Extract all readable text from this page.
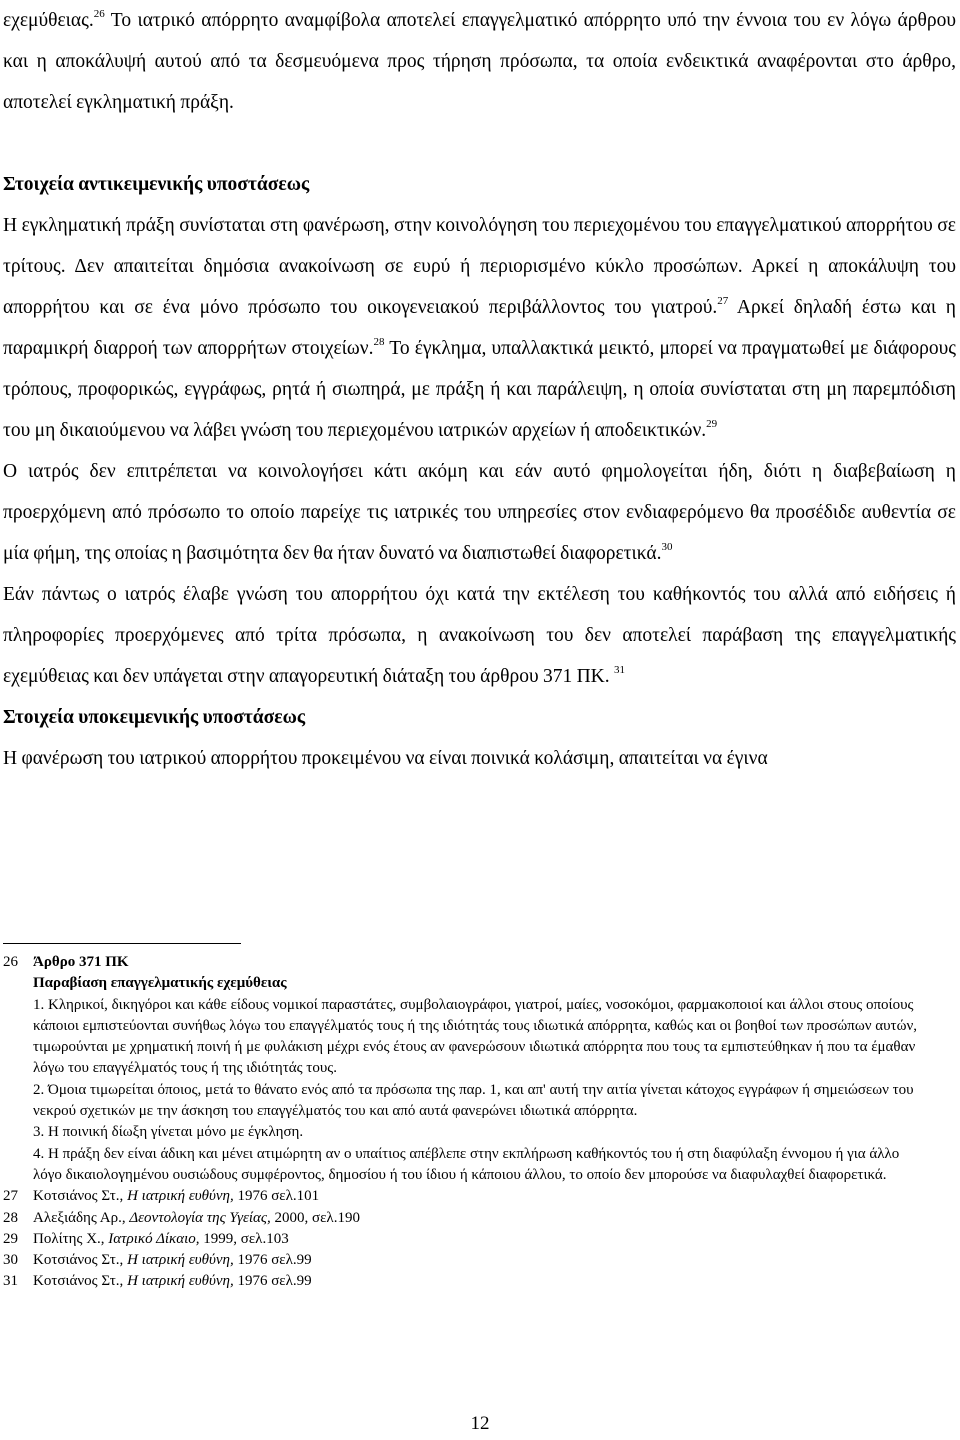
εχεμύθειας.$^{26}$ Το ιατρικό απόρρητο αναμφίβολα αποτελεί επαγγελματικό απόρρητο υπό την έννοια του εν λόγω άρθρου και η αποκάλυψή αυτού από τα δεσμευόμενα προς τήρηση πρόσωπα, τα οποία ενδεικτικά αναφέρονται στο άρθρο, αποτελεί εγκληματική πράξη.

Στοιχεία αντικειμενικής υποστάσεως

Η εγκληματική πράξη συνίσταται στη φανέρωση, στην κοινολόγηση του περιεχομένου του επαγγελματικού απορρήτου σε τρίτους. Δεν απαιτείται δημόσια ανακοίνωση σε ευρύ ή περιορισμένο κύκλο προσώπων. Αρκεί η αποκάλυψη του απορρήτου και σε ένα μόνο πρόσωπο του οικογενειακού περιβάλλοντος του γιατρού.$^{27}$ Αρκεί δηλαδή έστω και η παραμικρή διαρροή των απορρήτων στοιχείων.$^{28}$ Το έγκλημα, υπαλλακτικά μεικτό, μπορεί να πραγματωθεί με διάφορους τρόπους, προφορικώς, εγγράφως, ρητά ή σιωπηρά, με πράξη ή και παράλειψη, η οποία συνίσταται στη μη παρεμπόδιση του μη δικαιούμενου να λάβει γνώση του περιεχομένου ιατρικών αρχείων ή αποδεικτικών.$^{29}$

Ο ιατρός δεν επιτρέπεται να κοινολογήσει κάτι ακόμη και εάν αυτό φημολογείται ήδη, διότι η διαβεβαίωση η προερχόμενη από πρόσωπο το οποίο παρείχε τις ιατρικές του υπηρεσίες στον ενδιαφερόμενο θα προσέδιδε αυθεντία σε μία φήμη, της οποίας η βασιμότητα δεν θα ήταν δυνατό να διαπιστωθεί διαφορετικά.$^{30}$

Εάν πάντως ο ιατρός έλαβε γνώση του απορρήτου όχι κατά την εκτέλεση του καθήκοντός του αλλά από ειδήσεις ή πληροφορίες προερχόμενες από τρίτα πρόσωπα, η ανακοίνωση του δεν αποτελεί παράβαση της επαγγελματικής εχεμύθειας και δεν υπάγεται στην απαγορευτική διάταξη του άρθρου 371 ΠΚ. $^{31}$

Στοιχεία υποκειμενικής υποστάσεως

Η φανέρωση του ιατρικού απορρήτου προκειμένου να είναι ποινικά κολάσιμη, απαιτείται να έγινα

26 Άρθρο 371 ΠΚ
Παραβίαση επαγγελματικής εχεμύθειας
1. Κληρικοί, δικηγόροι και κάθε είδους νομικοί παραστάτες, συμβολαιογράφοι, γιατροί, μαίες, νοσοκόμοι, φαρμακοποιοί και άλλοι στους οποίους κάποιοι εμπιστεύονται συνήθως λόγω του επαγγέλματός τους ή της ιδιότητάς τους ιδιωτικά απόρρητα, καθώς και οι βοηθοί των προσώπων αυτών, τιμωρούνται με χρηματική ποινή ή με φυλάκιση μέχρι ενός έτους αν φανερώσουν ιδιωτικά απόρρητα που τους τα εμπιστεύθηκαν ή που τα έμαθαν λόγω του επαγγέλματός τους ή της ιδιότητάς τους.
2. Όμοια τιμωρείται όποιος, μετά το θάνατο ενός από τα πρόσωπα της παρ. 1, και απ' αυτή την αιτία γίνεται κάτοχος εγγράφων ή σημειώσεων του νεκρού σχετικών με την άσκηση του επαγγέλματός του και από αυτά φανερώνει ιδιωτικά απόρρητα.
3. Η ποινική δίωξη γίνεται μόνο με έγκληση.
4. Η πράξη δεν είναι άδικη και μένει ατιμώρητη αν ο υπαίτιος απέβλεπε στην εκπλήρωση καθήκοντός του ή στη διαφύλαξη έννομου ή για άλλο λόγο δικαιολογημένου ουσιώδους συμφέροντος, δημοσίου ή του ίδιου ή κάποιου άλλου, το οποίο δεν μπορούσε να διαφυλαχθεί διαφορετικά.
27 Κοτσιάνος Στ., Η ιατρική ευθύνη, 1976 σελ.101
28 Αλεξιάδης Αρ., Δεοντολογία της Υγείας, 2000, σελ.190
29 Πολίτης Χ., Ιατρικό Δίκαιο, 1999, σελ.103
30 Κοτσιάνος Στ., Η ιατρική ευθύνη, 1976 σελ.99
31 Κοτσιάνος Στ., Η ιατρική ευθύνη, 1976 σελ.99
12
